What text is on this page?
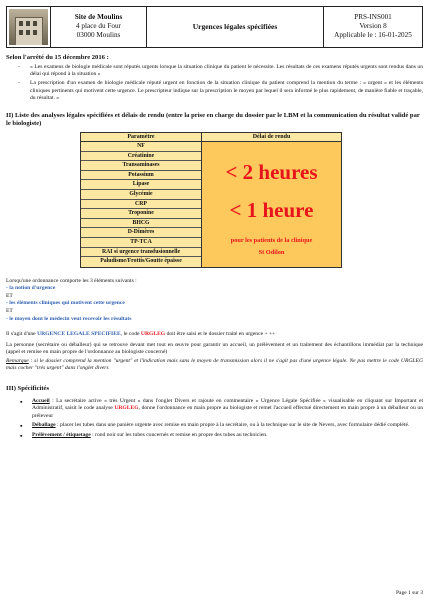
Site de Moulins
4 place du Four
03000 Moulins
Urgences légales spécifiées
PRS-INS001
Version 8
Applicable le : 16-01-2025
Selon l'arrêté du 15 décembre 2016 :
- « Les examens de biologie médicale sont réputés urgents lorsque la situation clinique du patient le nécessite. Les résultats de ces examens réputés urgents sont rendus dans un délai qui répond à la situation »
- La prescription d'un examen de biologie médicale réputé urgent en fonction de la situation clinique du patient comprend la mention du terme : « urgent » et les éléments cliniques pertinents qui motivent cette urgence. Le prescripteur indique sur la prescription le moyen par lequel il sera informé le plus rapidement, de manière fiable et traçable, du résultat. »
II) Liste des analyses légales spécifiées et délais de rendu (entre la prise en charge du dossier par le LBM et la communication du résultat validé par le biologiste)
Paramètre
NF
Créatinine
Transaminases
Potassium
Lipase
Glycémie
CRP
Troponine
BHCG
D-Dimères
TP-TCA
RAI si urgence transfusionnelle
Paludisme/Frottis/Goutte épaisse
Délai de rendu
< 2 heures
< 1 heure
pour les patients de la clinique
St Odilon
Lorsqu'une ordonnance comporte les 3 éléments suivants :
- la notion d'urgence
ET
- les éléments cliniques qui motivent cette urgence
ET
- le moyen dont le médecin veut recevoir les résultats
Il s'agit d'une URGENCE LEGALE SPECIFIEE, le code URGLEG doit être saisi et le dossier traité en urgence + ++
La personne (secrétaire ou déballeur) qui se retrouve devant met tout en œuvre pour garantir un accueil, un prélèvement et un traitement des échantillons immédiat par la technique (appel et remise en main propre de l'ordonnance au biologiste concerné)
Remarque : si le dossier comprend la mention "urgent" et l'indication mais sans le moyen de transmission alors il ne s'agit pas d'une urgence légale. Ne pas mettre le code URGLEG mais cocher "très urgent" dans l'onglet divers
III) Spécificités
▪ Accueil : La secrétaire active « très Urgent » dans l'onglet Divers et rajoute en commentaire « Urgence Légale Spécifiée » visualisable en cliquant sur Important et Administratif, saisit le code analyse URGLEG, donne l'ordonnance en main propre au biologiste et remet l'accueil effectué directement en main propre à un déballeur ou un préleveur
▪ Déballage : placer les tubes dans une panière urgente avec remise en main propre à la secrétaire, ou à la technique sur le site de Nevers, avec formulaire dédié complété.
▪ Prélèvement / étiquetage : rond noir sur les tubes concernés et remise en propre des tubes au technicien.
Page 1 sur 3
